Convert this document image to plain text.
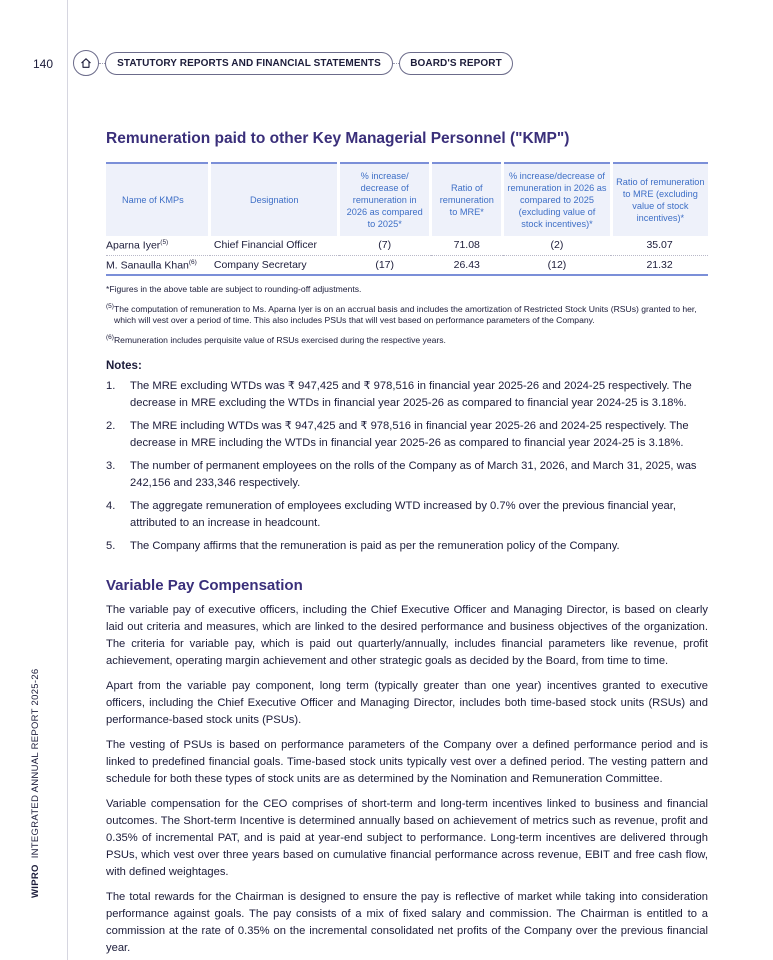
140	STATUTORY REPORTS AND FINANCIAL STATEMENTS	BOARD'S REPORT
WIPROINTEGRATED ANNUAL REPORT 2025-26
Remuneration paid to other Key Managerial Personnel ("KMP")
Name of KMPs	Designation	% increase/ decrease of remuneration in 2026 as compared to 2025*	Ratio of remuneration to MRE*	% increase/decrease of remuneration in 2026 as compared to 2025 (excluding value of stock incentives)*	Ratio of remuneration to MRE (excluding value of stock incentives)*
Aparna Iyer$^{(5)}$	Chief Financial Officer	(7)	71.08	(2)	35.07
M. Sanaulla Khan$^{(6)}$	Company Secretary	(17)	26.43	(12)	21.32
*Figures in the above table are subject to rounding-off adjustments.
$^{(5)}$The computation of remuneration to Ms. Aparna Iyer is on an accrual basis and includes the amortization of Restricted Stock Units (RSUs) granted to her, which will vest over a period of time. This also includes PSUs that will vest based on performance parameters of the Company.
$^{(6)}$Remuneration includes perquisite value of RSUs exercised during the respective years.
Notes:
1. The MRE excluding WTDs was ₹ 947,425 and ₹ 978,516 in financial year 2025-26 and 2024-25 respectively. The decrease in MRE excluding the WTDs in financial year 2025-26 as compared to financial year 2024-25 is 3.18%.
2. The MRE including WTDs was ₹ 947,425 and ₹ 978,516 in financial year 2025-26 and 2024-25 respectively. The decrease in MRE including the WTDs in financial year 2025-26 as compared to financial year 2024-25 is 3.18%.
3. The number of permanent employees on the rolls of the Company as of March 31, 2026, and March 31, 2025, was 242,156 and 233,346 respectively.
4. The aggregate remuneration of employees excluding WTD increased by 0.7% over the previous financial year, attributed to an increase in headcount.
5. The Company affirms that the remuneration is paid as per the remuneration policy of the Company.
Variable Pay Compensation

The variable pay of executive officers, including the Chief Executive Officer and Managing Director, is based on clearly laid out criteria and measures, which are linked to the desired performance and business objectives of the organization. The criteria for variable pay, which is paid out quarterly/annually, includes financial parameters like revenue, profit achievement, operating margin achievement and other strategic goals as decided by the Board, from time to time.

Apart from the variable pay component, long term (typically greater than one year) incentives granted to executive officers, including the Chief Executive Officer and Managing Director, includes both time-based stock units (RSUs) and performance-based stock units (PSUs).

The vesting of PSUs is based on performance parameters of the Company over a defined performance period and is linked to predefined financial goals. Time-based stock units typically vest over a defined period. The vesting pattern and schedule for both these types of stock units are as determined by the Nomination and Remuneration Committee.

Variable compensation for the CEO comprises of short-term and long-term incentives linked to business and financial outcomes. The Short-term Incentive is determined annually based on achievement of metrics such as revenue, profit and 0.35% of incremental PAT, and is paid at year-end subject to performance. Long-term incentives are delivered through PSUs, which vest over three years based on cumulative financial performance across revenue, EBIT and free cash flow, with defined weightages.

The total rewards for the Chairman is designed to ensure the pay is reflective of market while taking into consideration performance against goals. The pay consists of a mix of fixed salary and commission. The Chairman is entitled to a commission at the rate of 0.35% on the incremental consolidated net profits of the Company over the previous financial year.
